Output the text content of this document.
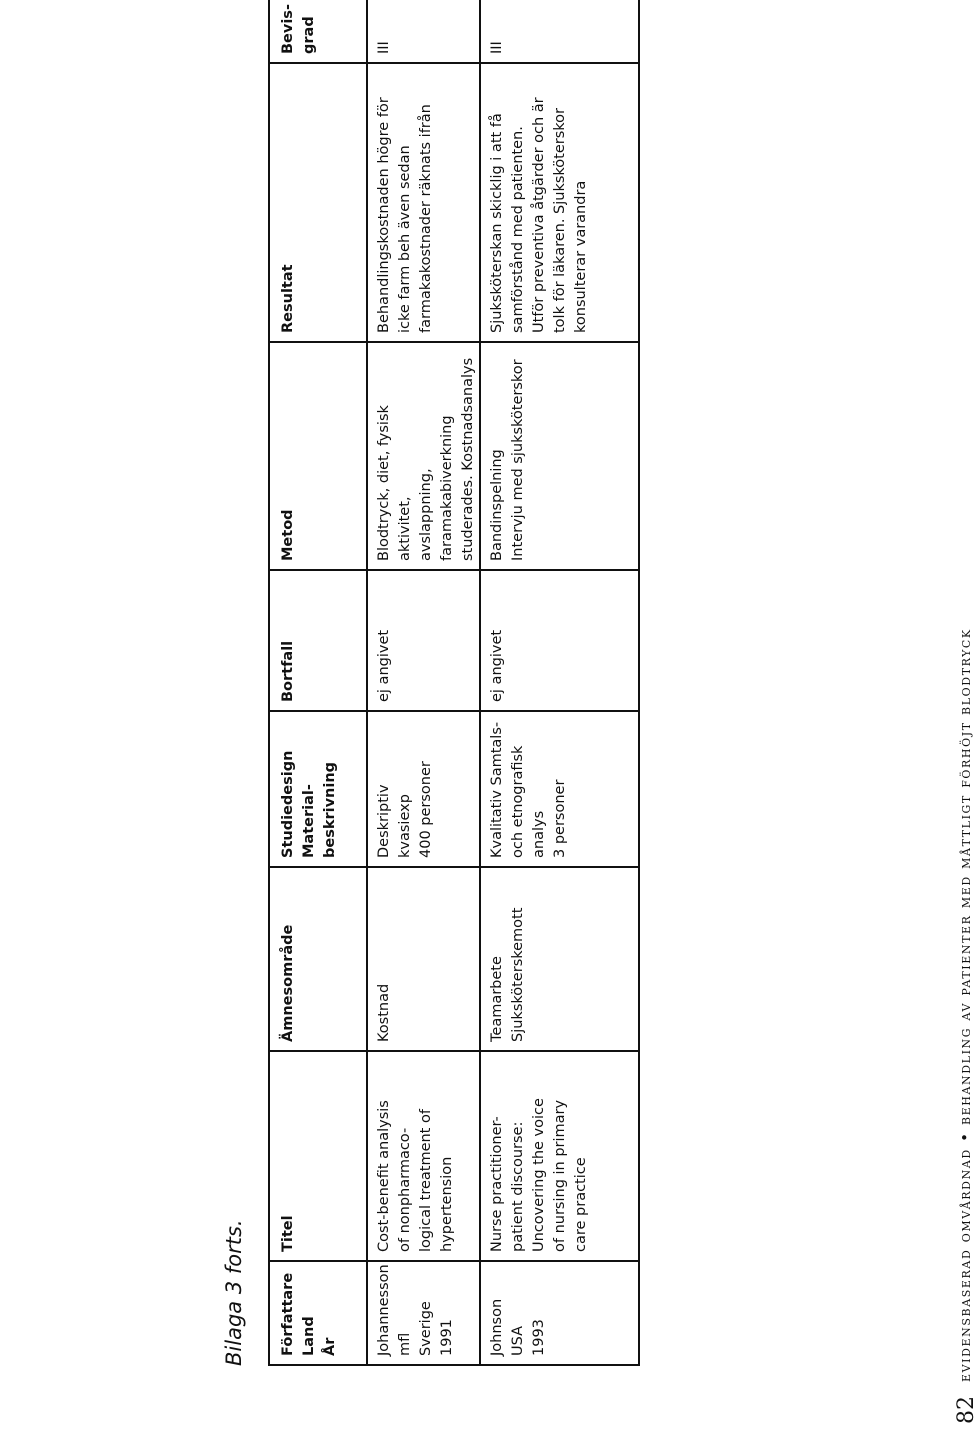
Bilaga 3 forts. Författare
Land
År	Titel	Ämnesområde	Studiedesign
Material-
beskrivning	Bortfall	Metod	Resultat	Bevis-
grad
Johannesson
mfl
Sverige
1991	Cost-benefit analysis
of nonpharmaco-
logical treatment of
hypertension	Kostnad	Deskriptiv kvasiexp
400 personer	ej angivet	Blodtryck, diet, fysisk aktivitet,
avslappning, faramakabiverkning
studerades. Kostnadsanalys	Behandlingskostnaden högre för
icke farm beh även sedan
farmakakostnader räknats ifrån	III
Johnson
USA
1993	Nurse practitioner-
patient discourse:
Uncovering the voice
of nursing in primary
care practice	Teamarbete
Sjuksköterskemott	Kvalitativ Samtals-
och etnografisk
analys
3 personer	ej angivet	Bandinspelning
Intervju med sjuksköterskor	Sjuksköterskan skicklig i att få
samförstånd med patienten.
Utför preventiva åtgärder och är
tolk för läkaren. Sjuksköterskor
konsulterar varandra	III
82
evidensbaserad omvårdnad • behandling av patienter med måttligt förhöjt blodtryck
